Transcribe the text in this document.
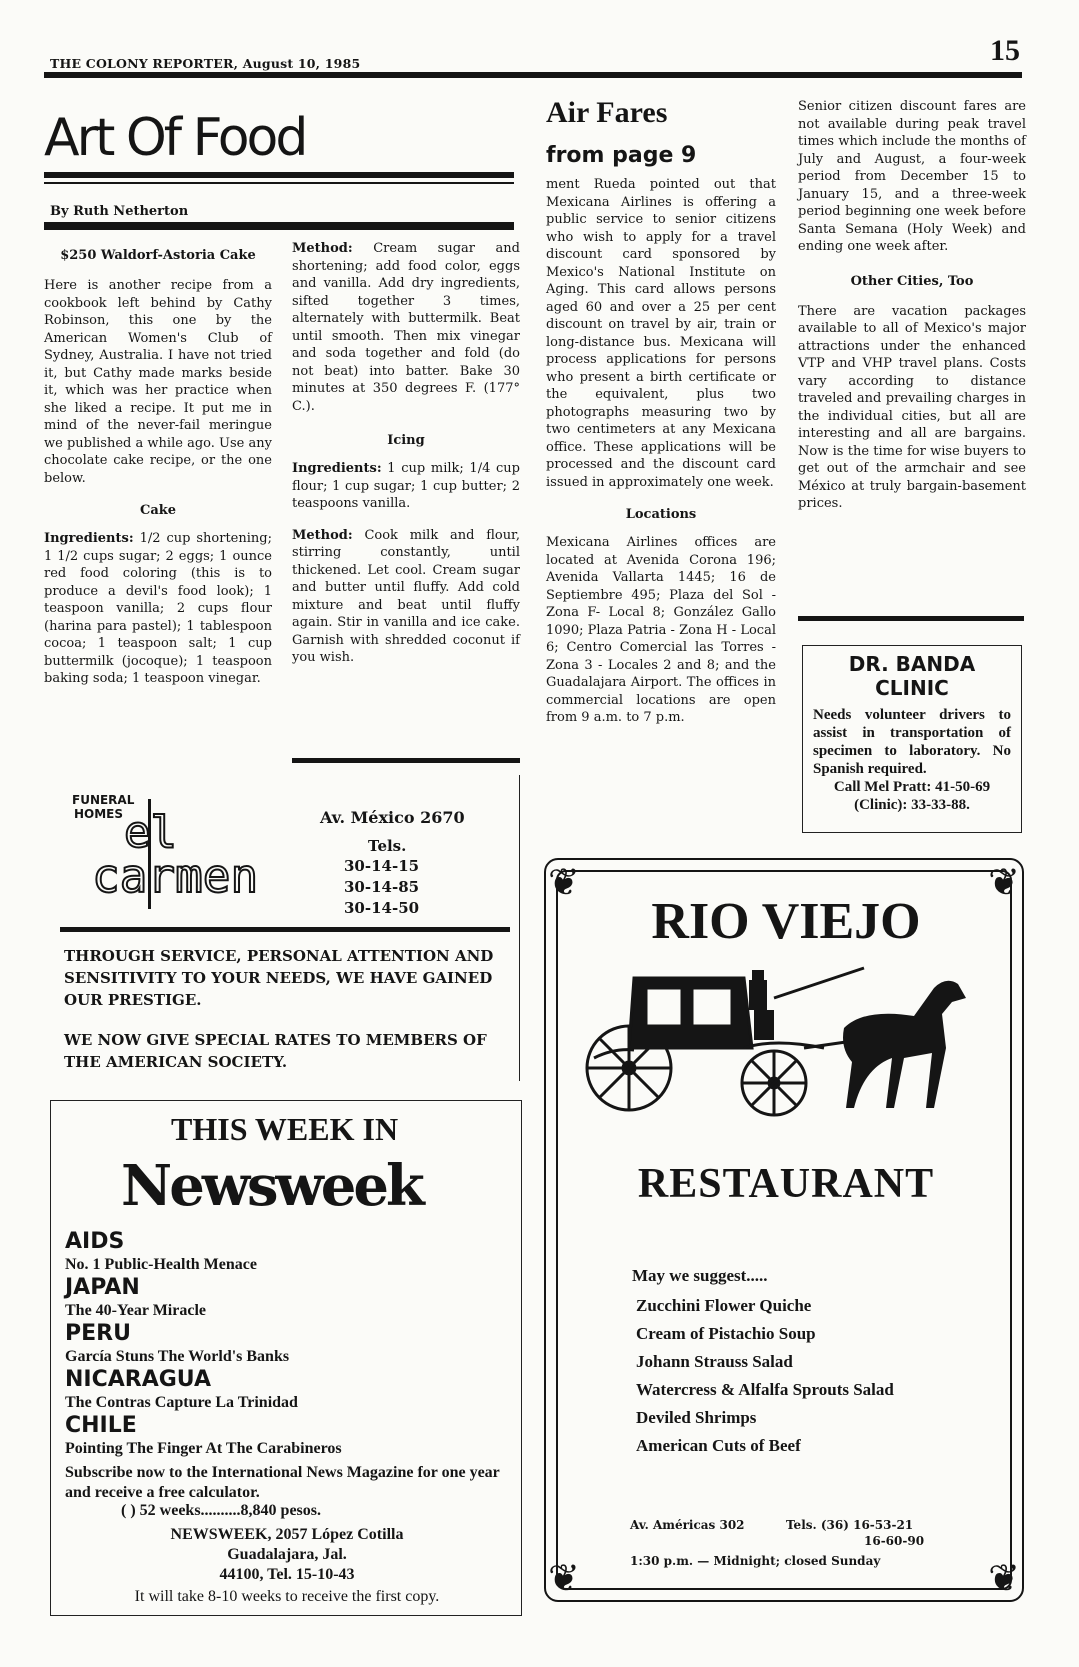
THE COLONY REPORTER, August 10, 1985	15
Art Of Food
By Ruth Netherton
$250 Waldorf-Astoria Cake

Here is another recipe from a cookbook left behind by Cathy Robinson, this one by the American Women's Club of Sydney, Australia. I have not tried it, but Cathy made marks beside it, which was her practice when she liked a recipe. It put me in mind of the never-fail meringue we published a while ago. Use any chocolate cake recipe, or the one below.

Cake

Ingredients: 1/2 cup shortening; 1 1/2 cups sugar; 2 eggs; 1 ounce red food coloring (this is to produce a devil's food look); 1 teaspoon vanilla; 2 cups flour (harina para pastel); 1 tablespoon cocoa; 1 teaspoon salt; 1 cup buttermilk (jocoque); 1 teaspoon baking soda; 1 teaspoon vinegar.

Method: Cream sugar and shortening; add food color, eggs and vanilla. Add dry ingredients, sifted together 3 times, alternately with buttermilk. Beat until smooth. Then mix vinegar and soda together and fold (do not beat) into batter. Bake 30 minutes at 350 degrees F. (177° C.).

Icing

Ingredients: 1 cup milk; 1/4 cup flour; 1 cup sugar; 1 cup butter; 2 teaspoons vanilla.

Method: Cook milk and flour, stirring constantly, until thickened. Let cool. Cream sugar and butter until fluffy. Add cold mixture and beat until fluffy again. Stir in vanilla and ice cake. Garnish with shredded coconut if you wish.

Air Fares
from page 9

ment Rueda pointed out that Mexicana Airlines is offering a public service to senior citizens who wish to apply for a travel discount card sponsored by Mexico's National Institute on Aging. This card allows persons aged 60 and over a 25 per cent discount on travel by air, train or long-distance bus. Mexicana will process applications for persons who present a birth certificate or the equivalent, plus two photographs measuring two by two centimeters at any Mexicana office. These applications will be processed and the discount card issued in approximately one week.

Locations

Mexicana Airlines offices are located at Avenida Corona 196; Avenida Vallarta 1445; 16 de Septiembre 495; Plaza del Sol - Zona F- Local 8; González Gallo 1090; Plaza Patria - Zona H - Local 6; Centro Comercial las Torres - Zona 3 - Locales 2 and 8; and the Guadalajara Airport. The offices in commercial locations are open from 9 a.m. to 7 p.m.

Senior citizen discount fares are not available during peak travel times which include the months of July and August, a four-week period from December 15 to January 15, and a three-week period beginning one week before Santa Semana (Holy Week) and ending one week after.

Other Cities, Too

There are vacation packages available to all of Mexico's major attractions under the enhanced VTP and VHP travel plans. Costs vary according to distance traveled and prevailing charges in the individual cities, but all are interesting and all are bargains. Now is the time for wise buyers to get out of the armchair and see México at truly bargain-basement prices.

DR. BANDA
CLINIC

Needs volunteer drivers to assist in transportation of specimen to laboratory. No Spanish required.

Call Mel Pratt: 41-50-69

(Clinic): 33-33-88.

FUNERAL
HOMES el
carmen
Av. México 2670
Tels.
30-14-15
30-14-85
30-14-50
THROUGH SERVICE, PERSONAL ATTENTION AND SENSITIVITY TO YOUR NEEDS, WE HAVE GAINED OUR PRESTIGE.
WE NOW GIVE SPECIAL RATES TO MEMBERS OF THE AMERICAN SOCIETY.
THIS WEEK IN
Newsweek
AIDS
No. 1 Public-Health Menace
JAPAN
The 40-Year Miracle
PERU
García Stuns The World's Banks
NICARAGUA
The Contras Capture La Trinidad
CHILE
Pointing The Finger At The Carabineros
Subscribe now to the International News Magazine for one year and receive a free calculator.
( ) 52 weeks..........8,840 pesos.
NEWSWEEK, 2057 López Cotilla
Guadalajara, Jal.
44100, Tel. 15-10-43
It will take 8-10 weeks to receive the first copy.
❦	❦
❦	❦
RIO VIEJO
RESTAURANT
May we suggest.....
Zucchini Flower Quiche
Cream of Pistachio Soup
Johann Strauss Salad
Watercress & Alfalfa Sprouts Salad
Deviled Shrimps
American Cuts of Beef
Av. Américas 302	Tels. (36) 16-53-21
16-60-90
1:30 p.m. — Midnight; closed Sunday
